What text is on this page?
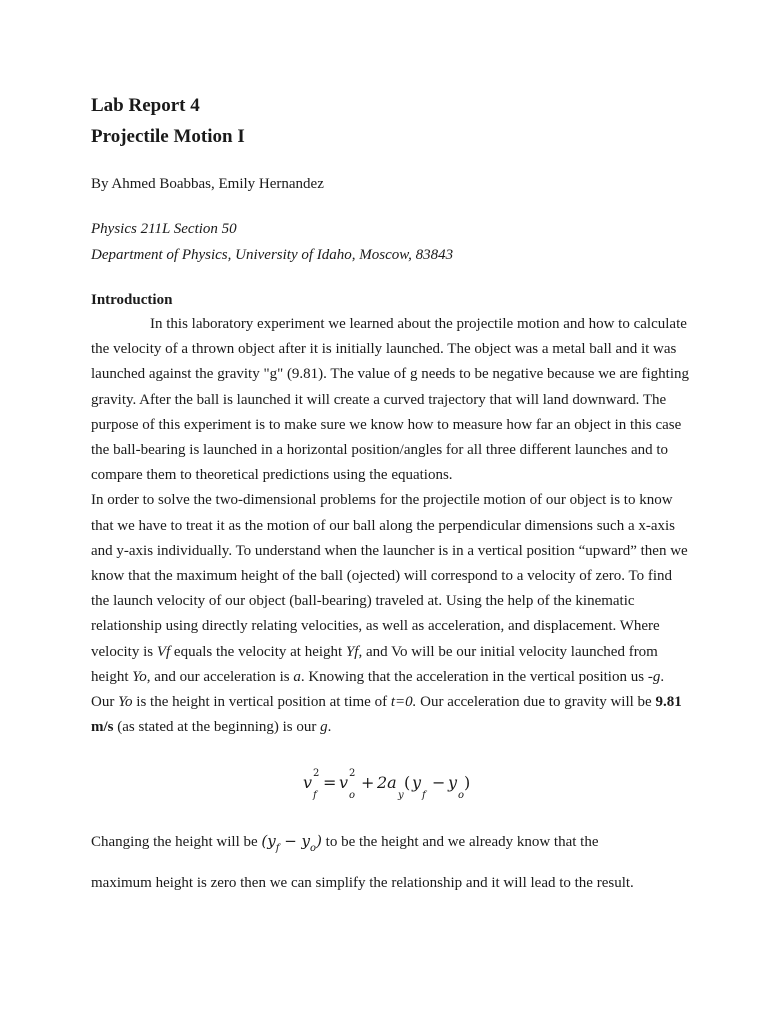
Lab Report 4
Projectile Motion I
By Ahmed Boabbas, Emily Hernandez
Physics 211L Section 50
Department of Physics, University of Idaho, Moscow, 83843
Introduction

In this laboratory experiment we learned about the projectile motion and how to calculate the velocity of a thrown object after it is initially launched. The object was a metal ball and it was launched against the gravity "g" (9.81). The value of g needs to be negative because we are fighting gravity. After the ball is launched it will create a curved trajectory that will land downward. The purpose of this experiment is to make sure we know how to measure how far an object in this case the ball-bearing is launched in a horizontal position/angles for all three different launches and to compare them to theoretical predictions using the equations.

In order to solve the two-dimensional problems for the projectile motion of our object is to know that we have to treat it as the motion of our ball along the perpendicular dimensions such a x-axis and y-axis individually. To understand when the launcher is in a vertical position “upward” then we know that the maximum height of the ball (ojected) will correspond to a velocity of zero. To find the launch velocity of our object (ball-bearing) traveled at. Using the help of the kinematic relationship using directly relating velocities, as well as acceleration, and displacement. Where velocity is Vf equals the velocity at height Yf, and Vo will be our initial velocity launched from height Yo, and our acceleration is a. Knowing that the acceleration in the vertical position us -g. Our Yo is the height in vertical position at time of t=0. Our acceleration due to gravity will be 9.81 m/s (as stated at the beginning) is our g.

v 2
f
= v 2
o
+ 2a
y
( y
f
− y
o
)

Changing the height will be $(y_f - y_o)$ to be the height and we already know that the

maximum height is zero then we can simplify the relationship and it will lead to the result.
